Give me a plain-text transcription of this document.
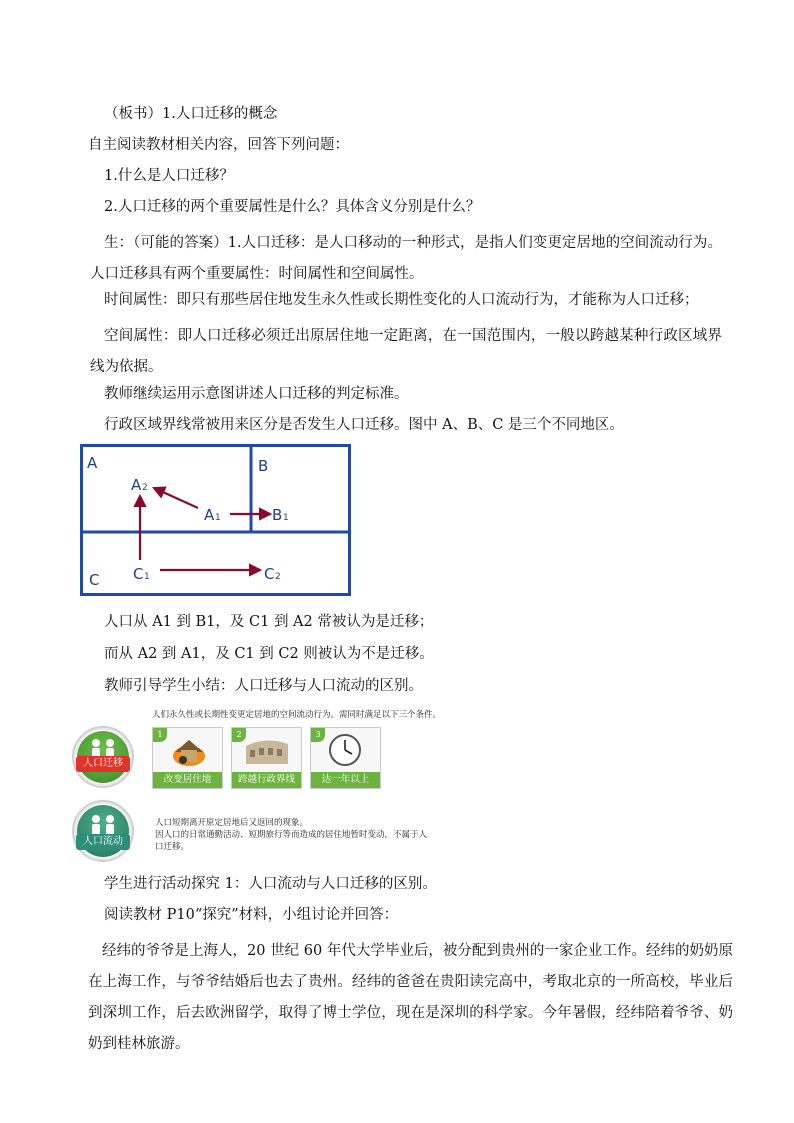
（板书）1.人口迁移的概念
自主阅读教材相关内容，回答下列问题：
1.什么是人口迁移？
2.人口迁移的两个重要属性是什么？具体含义分别是什么？
生：（可能的答案）1.人口迁移：是人口移动的一种形式，是指人们变更定居地的空间流动行为。人口迁移具有两个重要属性：时间属性和空间属性。
时间属性：即只有那些居住地发生永久性或长期性变化的人口流动行为，才能称为人口迁移；
空间属性：即人口迁移必须迁出原居住地一定距离，在一国范围内，一般以跨越某种行政区域界线为依据。
教师继续运用示意图讲述人口迁移的判定标准。
行政区域界线常被用来区分是否发生人口迁移。图中 A、B、C 是三个不同地区。
A	B
C
A 2
A 1	B 1
C 1	C 2
人口从 A1 到 B1，及 C1 到 A2 常被认为是迁移；
而从 A2 到 A1，及 C1 到 C2 则被认为不是迁移。
教师引导学生小结：人口迁移与人口流动的区别。
人们永久性或长期性变更定居地的空间流动行为。需同时满足以下三个条件。
人口迁移
1
改变居住地
2
跨越行政界线
3
达一年以上
人口流动
人口短期离开原定居地后又返回的现象。
因人口的日常通勤活动、短期旅行等而造成的居住地暂时变动，不属于人
口迁移。
学生进行活动探究 1：人口流动与人口迁移的区别。
阅读教材 P10“探究”材料，小组讨论并回答：
经纬的爷爷是上海人，20 世纪 60 年代大学毕业后，被分配到贵州的一家企业工作。经纬的奶奶原在上海工作，与爷爷结婚后也去了贵州。经纬的爸爸在贵阳读完高中，考取北京的一所高校，毕业后到深圳工作，后去欧洲留学，取得了博士学位，现在是深圳的科学家。今年暑假，经纬陪着爷爷、奶奶到桂林旅游。
